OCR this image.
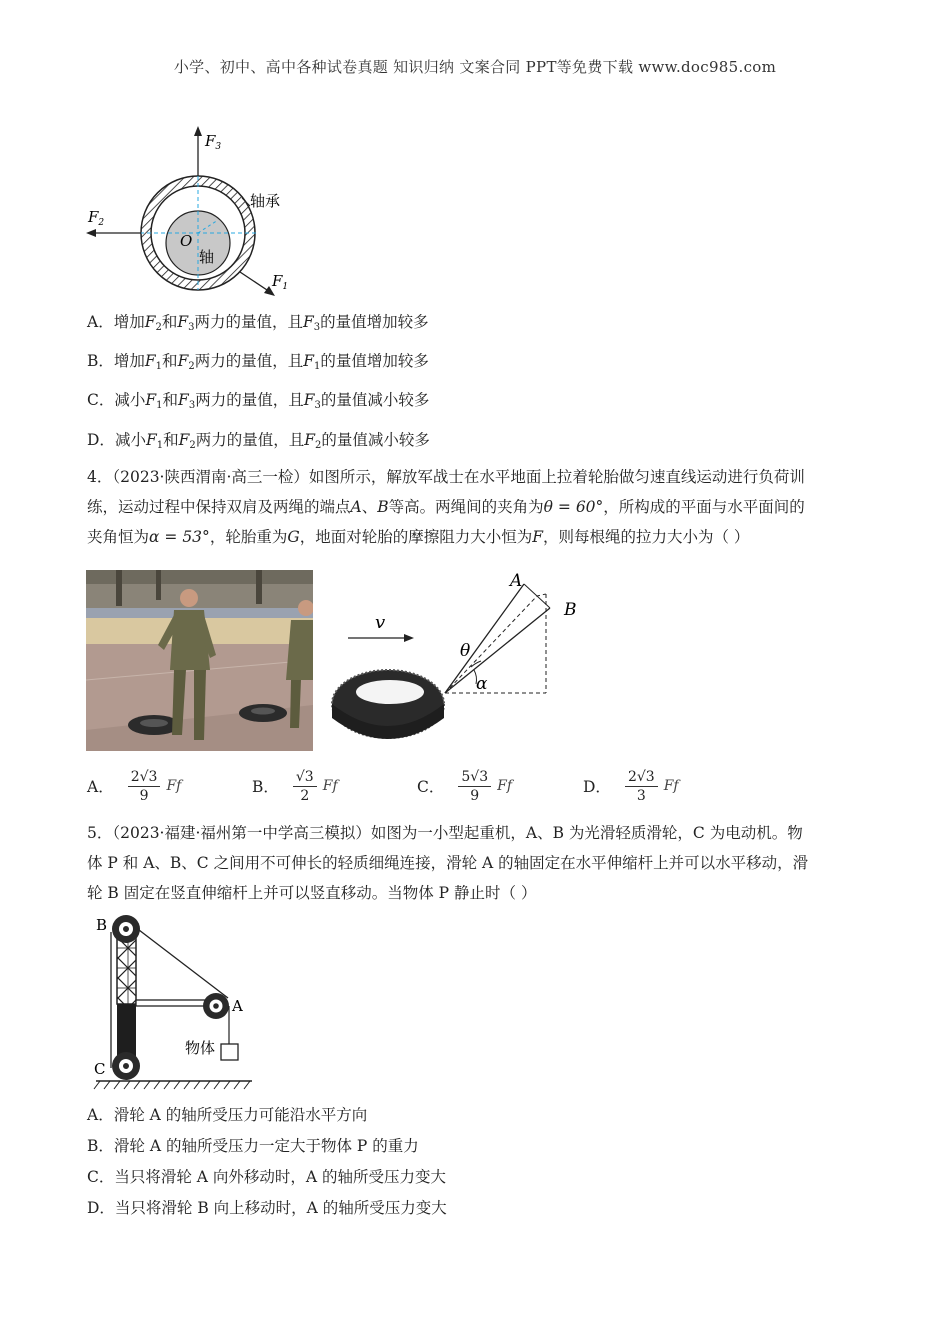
小学、初中、高中各种试卷真题 知识归纳 文案合同 PPT等免费下载 www.doc985.com
$F_3$
$F_2$
$F_1$
O
轴
轴承
A．增加$F_2$和$F_3$两力的量值，且$F_3$的量值增加较多
B．增加$F_1$和$F_2$两力的量值，且$F_1$的量值增加较多
C．减小$F_1$和$F_3$两力的量值，且$F_3$的量值减小较多
D．减小$F_1$和$F_2$两力的量值，且$F_2$的量值减小较多
4．（2023·陕西渭南·高三一检）如图所示，解放军战士在水平地面上拉着轮胎做匀速直线运动进行负荷训
练，运动过程中保持双肩及两绳的端点A、B等高。两绳间的夹角为θ = 60°，所构成的平面与水平面间的
夹角恒为α = 53°，轮胎重为G，地面对轮胎的摩擦阻力大小恒为F，则每根绳的拉力大小为（ ）
v
A
B
θ
α
A． $\frac{2√3}{9}$ F f	B． $\frac{√3}{2}$ F f	C． $\frac{5√3}{9}$ F f	D． $\frac{2√3}{3}$ F f
5．（2023·福建·福州第一中学高三模拟）如图为一小型起重机，A、B 为光滑轻质滑轮，C 为电动机。物
体 P 和 A、B、C 之间用不可伸长的轻质细绳连接，滑轮 A 的轴固定在水平伸缩杆上并可以水平移动，滑
轮 B 固定在竖直伸缩杆上并可以竖直移动。当物体 P 静止时（ ）
B
A
C
物体
A．滑轮 A 的轴所受压力可能沿水平方向
B．滑轮 A 的轴所受压力一定大于物体 P 的重力
C．当只将滑轮 A 向外移动时，A 的轴所受压力变大
D．当只将滑轮 B 向上移动时，A 的轴所受压力变大
